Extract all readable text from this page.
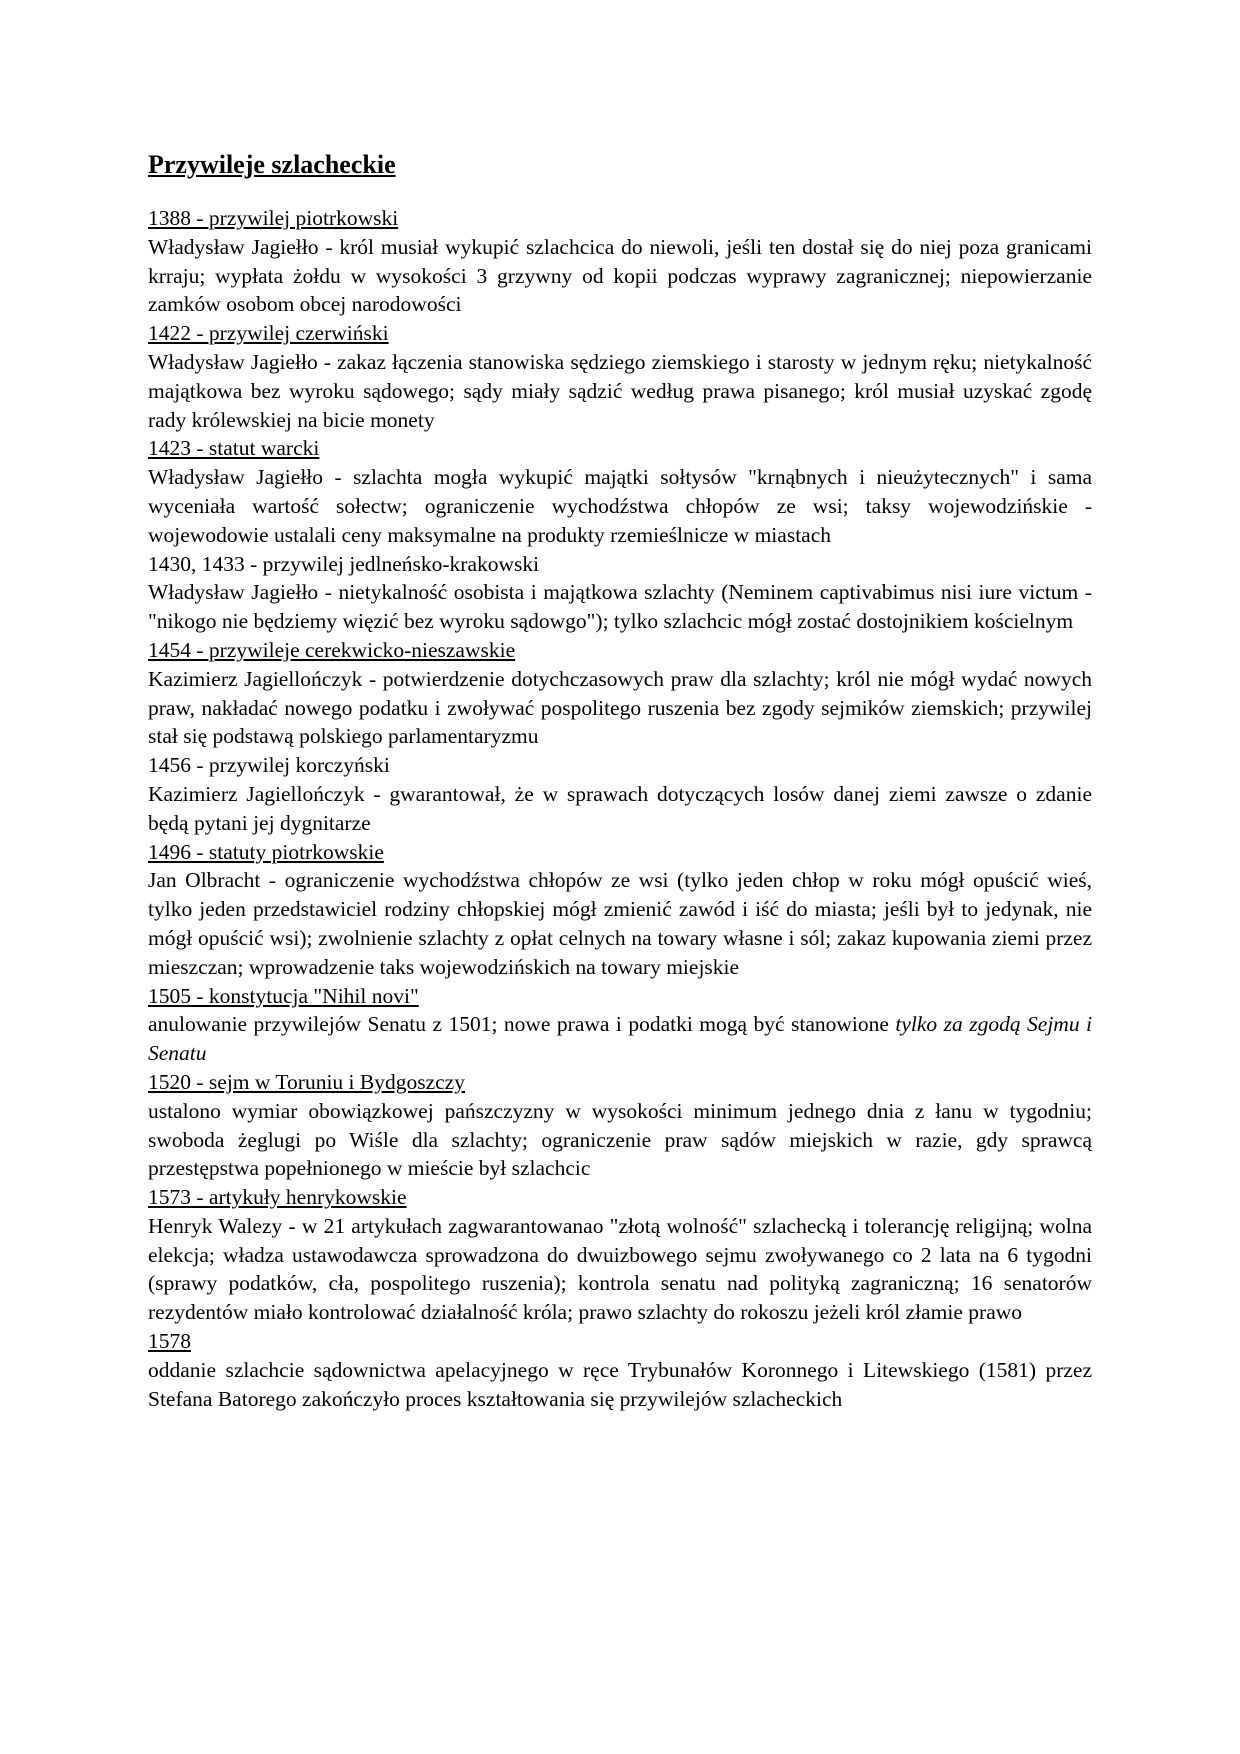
Przywileje szlacheckie

1388 - przywilej piotrkowski

Władysław Jagiełło - król musiał wykupić szlachcica do niewoli, jeśli ten dostał się do niej poza granicami krraju; wypłata żołdu w wysokości 3 grzywny od kopii podczas wyprawy zagranicznej; niepowierzanie zamków osobom obcej narodowości

1422 - przywilej czerwiński

Władysław Jagiełło - zakaz łączenia stanowiska sędziego ziemskiego i starosty w jednym ręku; nietykalność majątkowa bez wyroku sądowego; sądy miały sądzić według prawa pisanego; król musiał uzyskać zgodę rady królewskiej na bicie monety

1423 - statut warcki

Władysław Jagiełło - szlachta mogła wykupić majątki sołtysów "krnąbnych i nieużytecznych" i sama wyceniała wartość sołectw; ograniczenie wychodźstwa chłopów ze wsi; taksy wojewodzińskie - wojewodowie ustalali ceny maksymalne na produkty rzemieślnicze w miastach

1430, 1433 - przywilej jedlneńsko-krakowski

Władysław Jagiełło - nietykalność osobista i majątkowa szlachty (Neminem captivabimus nisi iure victum - "nikogo nie będziemy więzić bez wyroku sądowgo"); tylko szlachcic mógł zostać dostojnikiem kościelnym

1454 - przywileje cerekwicko-nieszawskie

Kazimierz Jagiellończyk - potwierdzenie dotychczasowych praw dla szlachty; król nie mógł wydać nowych praw, nakładać nowego podatku i zwoływać pospolitego ruszenia bez zgody sejmików ziemskich; przywilej stał się podstawą polskiego parlamentaryzmu

1456 - przywilej korczyński

Kazimierz Jagiellończyk - gwarantował, że w sprawach dotyczących losów danej ziemi zawsze o zdanie będą pytani jej dygnitarze

1496 - statuty piotrkowskie

Jan Olbracht - ograniczenie wychodźstwa chłopów ze wsi (tylko jeden chłop w roku mógł opuścić wieś, tylko jeden przedstawiciel rodziny chłopskiej mógł zmienić zawód i iść do miasta; jeśli był to jedynak, nie mógł opuścić wsi); zwolnienie szlachty z opłat celnych na towary własne i sól; zakaz kupowania ziemi przez mieszczan; wprowadzenie taks wojewodzińskich na towary miejskie

1505 - konstytucja "Nihil novi"

anulowanie przywilejów Senatu z 1501; nowe prawa i podatki mogą być stanowione tylko za zgodą Sejmu i Senatu

1520 - sejm w Toruniu i Bydgoszczy

ustalono wymiar obowiązkowej pańszczyzny w wysokości minimum jednego dnia z łanu w tygodniu; swoboda żeglugi po Wiśle dla szlachty; ograniczenie praw sądów miejskich w razie, gdy sprawcą przestępstwa popełnionego w mieście był szlachcic

1573 - artykuły henrykowskie

Henryk Walezy - w 21 artykułach zagwarantowanao "złotą wolność" szlachecką i tolerancję religijną; wolna elekcja; władza ustawodawcza sprowadzona do dwuizbowego sejmu zwoływanego co 2 lata na 6 tygodni (sprawy podatków, cła, pospolitego ruszenia); kontrola senatu nad polityką zagraniczną; 16 senatorów rezydentów miało kontrolować działalność króla; prawo szlachty do rokoszu jeżeli król złamie prawo

1578

oddanie szlachcie sądownictwa apelacyjnego w ręce Trybunałów Koronnego i Litewskiego (1581) przez Stefana Batorego zakończyło proces kształtowania się przywilejów szlacheckich
